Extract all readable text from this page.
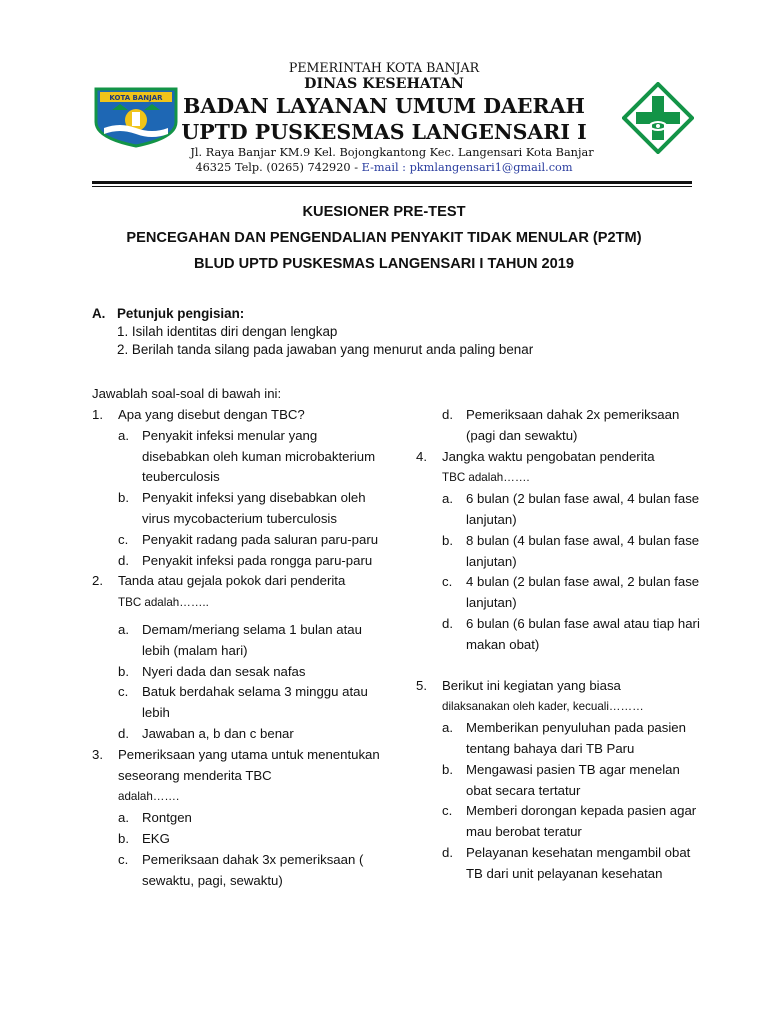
PEMERINTAH KOTA BANJAR
DINAS KESEHATAN
BADAN LAYANAN UMUM DAERAH
UPTD PUSKESMAS LANGENSARI I
Jl. Raya Banjar KM.9 Kel. Bojongkantong Kec. Langensari Kota Banjar
46325 Telp. (0265) 742920 - E-mail : pkmlangensari1@gmail.com
KOTA BANJAR
KUESIONER PRE-TEST
PENCEGAHAN DAN PENGENDALIAN PENYAKIT TIDAK MENULAR (P2TM)
BLUD UPTD PUSKESMAS LANGENSARI I TAHUN 2019
A. Petunjuk pengisian:
1. Isilah identitas diri dengan lengkap
2. Berilah tanda silang pada jawaban yang menurut anda paling benar
Jawablah soal-soal di bawah ini:
1. Apa yang disebut dengan TBC?
a. Penyakit infeksi menular yang disebabkan oleh kuman microbakterium teuberculosis
b. Penyakit infeksi yang disebabkan oleh virus mycobacterium tuberculosis
c. Penyakit radang pada saluran paru-paru
d. Penyakit infeksi pada rongga paru-paru
2. Tanda atau gejala pokok dari penderita
TBC adalah……..
a. Demam/meriang selama 1 bulan atau lebih (malam hari)
b. Nyeri dada dan sesak nafas
c. Batuk berdahak selama 3 minggu atau lebih
d. Jawaban a, b dan c benar
3. Pemeriksaan yang utama untuk menentukan seseorang menderita TBC
adalah…….
a. Rontgen
b. EKG
c. Pemeriksaan dahak 3x pemeriksaan ( sewaktu, pagi, sewaktu)
d. Pemeriksaan dahak 2x pemeriksaan (pagi dan sewaktu)
4. Jangka waktu pengobatan penderita
TBC adalah…….
a. 6 bulan (2 bulan fase awal, 4 bulan fase lanjutan)
b. 8 bulan (4 bulan fase awal, 4 bulan fase lanjutan)
c. 4 bulan (2 bulan fase awal, 2 bulan fase lanjutan)
d. 6 bulan (6 bulan fase awal atau tiap hari makan obat)
5. Berikut ini kegiatan yang biasa
dilaksanakan oleh kader, kecuali………
a. Memberikan penyuluhan pada pasien tentang bahaya dari TB Paru
b. Mengawasi pasien TB agar menelan obat secara tertatur
c. Memberi dorongan kepada pasien agar mau berobat teratur
d. Pelayanan kesehatan mengambil obat TB dari unit pelayanan kesehatan
